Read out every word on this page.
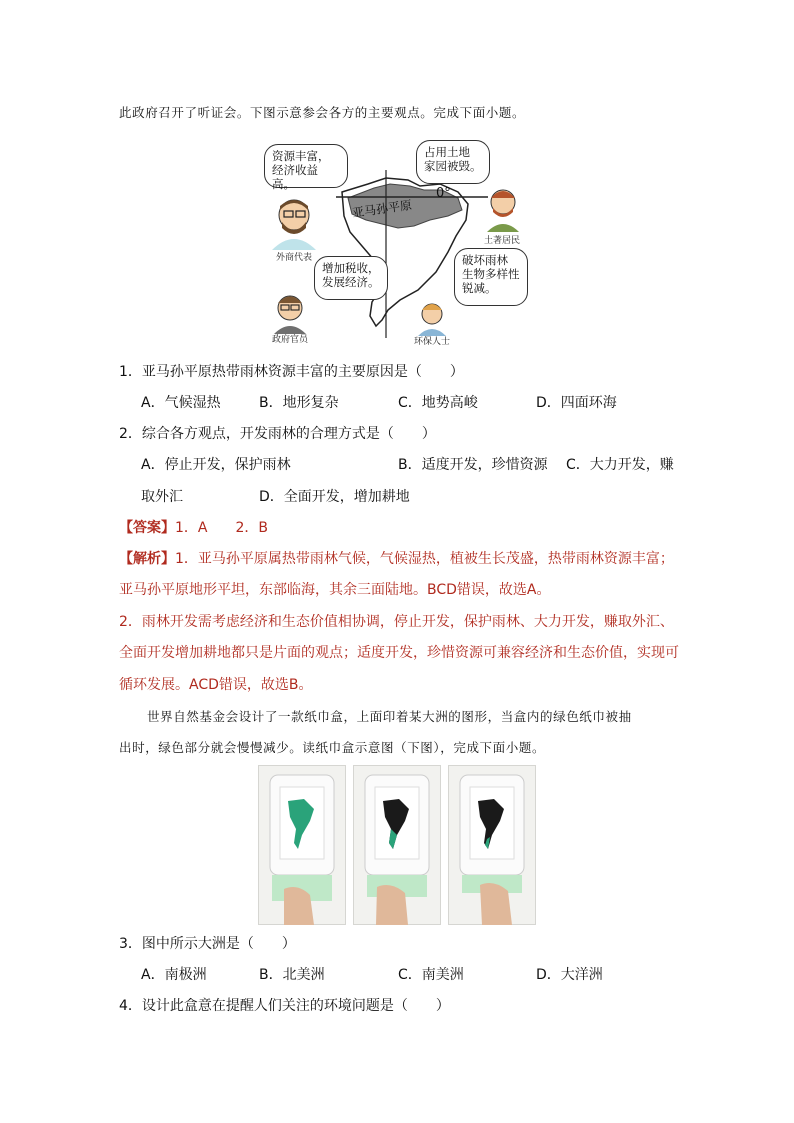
此政府召开了听证会。下图示意参会各方的主要观点。完成下面小题。
资源丰富，
经济收益高。
占用土地
家园被毁。
增加税收，
发展经济。
破坏雨林
生物多样性
锐减。
亚马孙平原
0°
外商代表
土著居民
政府官员	环保人士
1．亚马孙平原热带雨林资源丰富的主要原因是（　　）
A．气候湿热	B．地形复杂	C．地势高峻	D．四面环海
2．综合各方观点，开发雨林的合理方式是（　　）
A．停止开发，保护雨林	B．适度开发，珍惜资源 C．大力开发，赚
取外汇	D．全面开发，增加耕地
【答案】1．A　　2．B
【解析】1．亚马孙平原属热带雨林气候，气候湿热，植被生长茂盛，热带雨林资源丰富；
亚马孙平原地形平坦，东部临海，其余三面陆地。BCD错误，故选A。
2．雨林开发需考虑经济和生态价值相协调，停止开发，保护雨林、大力开发，赚取外汇、
全面开发增加耕地都只是片面的观点；适度开发，珍惜资源可兼容经济和生态价值，实现可
循环发展。ACD错误，故选B。
世界自然基金会设计了一款纸巾盒，上面印着某大洲的图形，当盒内的绿色纸巾被抽
出时，绿色部分就会慢慢减少。读纸巾盒示意图（下图），完成下面小题。
3．图中所示大洲是（　　）
A．南极洲	B．北美洲	C．南美洲	D．大洋洲
4．设计此盒意在提醒人们关注的环境问题是（　　）
